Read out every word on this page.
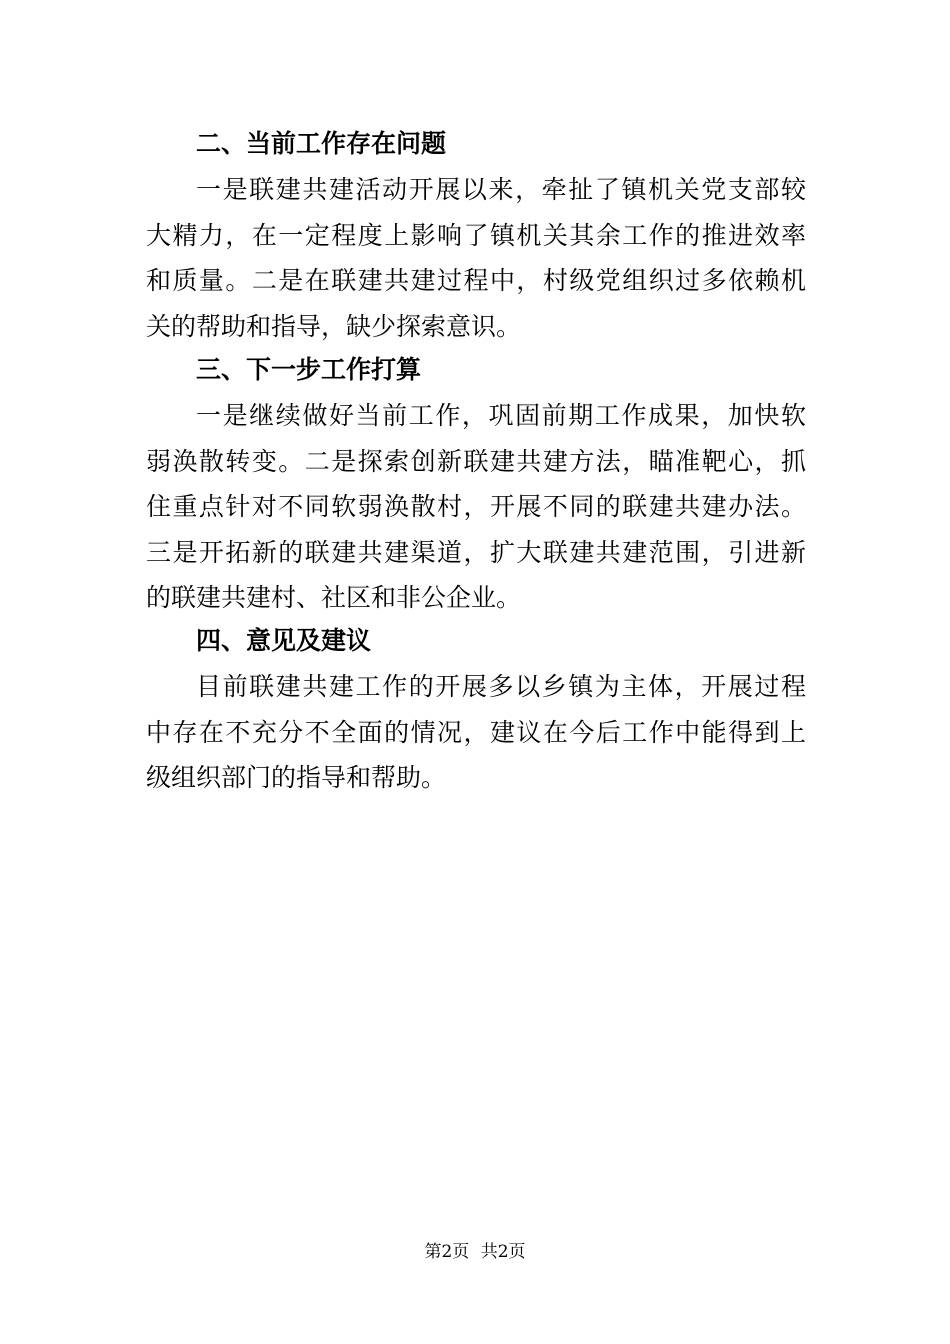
二、当前工作存在问题
一是联建共建活动开展以来，牵扯了镇机关党支部较
大精力，在一定程度上影响了镇机关其余工作的推进效率
和质量。二是在联建共建过程中，村级党组织过多依赖机
关的帮助和指导，缺少探索意识。
三、下一步工作打算
一是继续做好当前工作，巩固前期工作成果，加快软
弱涣散转变。二是探索创新联建共建方法，瞄准靶心，抓
住重点针对不同软弱涣散村，开展不同的联建共建办法。
三是开拓新的联建共建渠道，扩大联建共建范围，引进新
的联建共建村、社区和非公企业。
四、意见及建议
目前联建共建工作的开展多以乡镇为主体，开展过程
中存在不充分不全面的情况，建议在今后工作中能得到上
级组织部门的指导和帮助。
第2页 共2页
